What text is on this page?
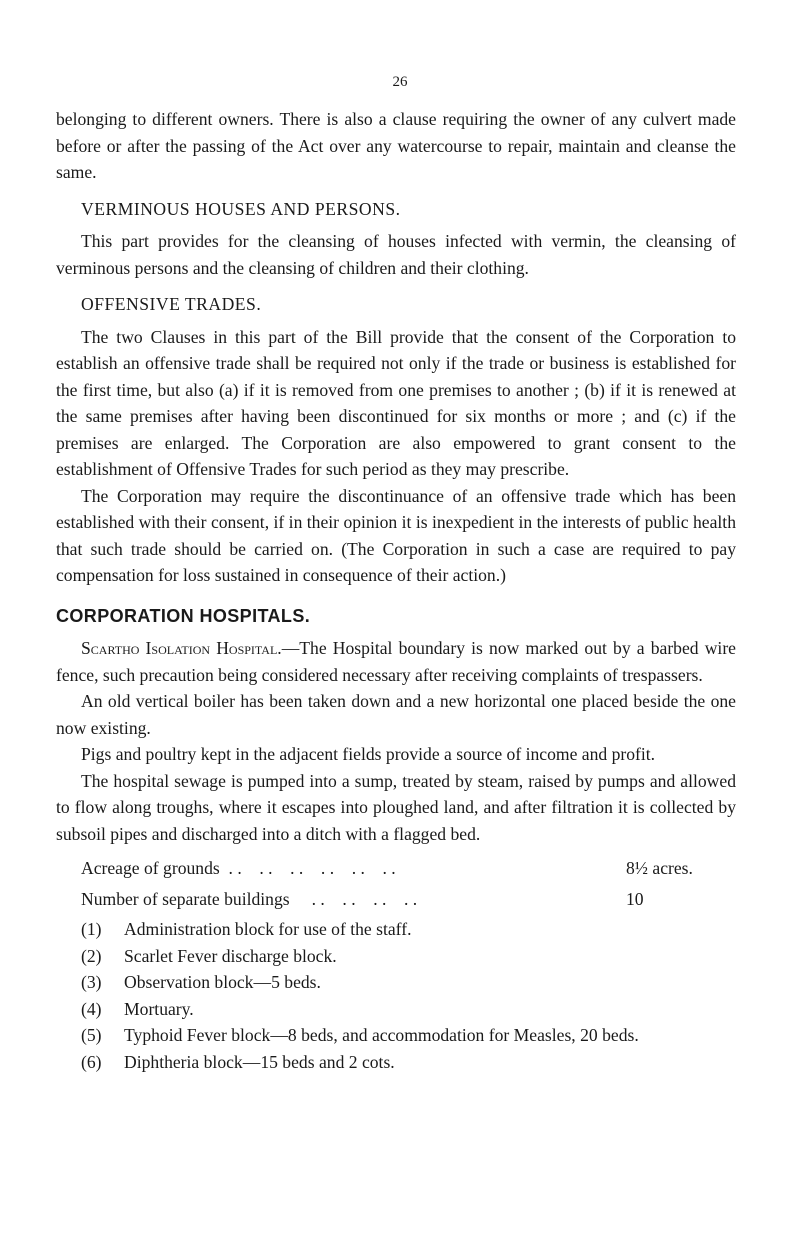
26

belonging to different owners. There is also a clause requiring the owner of any culvert made before or after the passing of the Act over any watercourse to repair, maintain and cleanse the same.

VERMINOUS HOUSES AND PERSONS.

This part provides for the cleansing of houses infected with vermin, the cleansing of verminous persons and the cleansing of children and their clothing.

OFFENSIVE TRADES.

The two Clauses in this part of the Bill provide that the consent of the Corporation to establish an offensive trade shall be required not only if the trade or business is established for the first time, but also (a) if it is removed from one premises to another ; (b) if it is renewed at the same premises after having been discontinued for six months or more ; and (c) if the premises are enlarged. The Corporation are also empowered to grant consent to the establishment of Offensive Trades for such period as they may prescribe.

The Corporation may require the discontinuance of an offensive trade which has been established with their consent, if in their opinion it is inexpedient in the interests of public health that such trade should be carried on. (The Corporation in such a case are required to pay compensation for loss sustained in consequence of their action.)

CORPORATION HOSPITALS.

Scartho Isolation Hospital.—The Hospital boundary is now marked out by a barbed wire fence, such precaution being considered necessary after receiving complaints of trespassers.

An old vertical boiler has been taken down and a new horizontal one placed beside the one now existing.

Pigs and poultry kept in the adjacent fields provide a source of income and profit.

The hospital sewage is pumped into a sump, treated by steam, raised by pumps and allowed to flow along troughs, where it escapes into ploughed land, and after filtration it is collected by subsoil pipes and discharged into a ditch with a flagged bed.

Acreage of grounds  . .    . .    . .    . .    . .    . .	8½ acres.
Number of separate buildings     . .    . .    . .    . .	10
(1)	Administration block for use of the staff.
(2)	Scarlet Fever discharge block.
(3)	Observation block—5 beds.
(4)	Mortuary.
(5)	Typhoid Fever block—8 beds, and accommodation for Measles, 20 beds.
(6)	Diphtheria block—15 beds and 2 cots.
